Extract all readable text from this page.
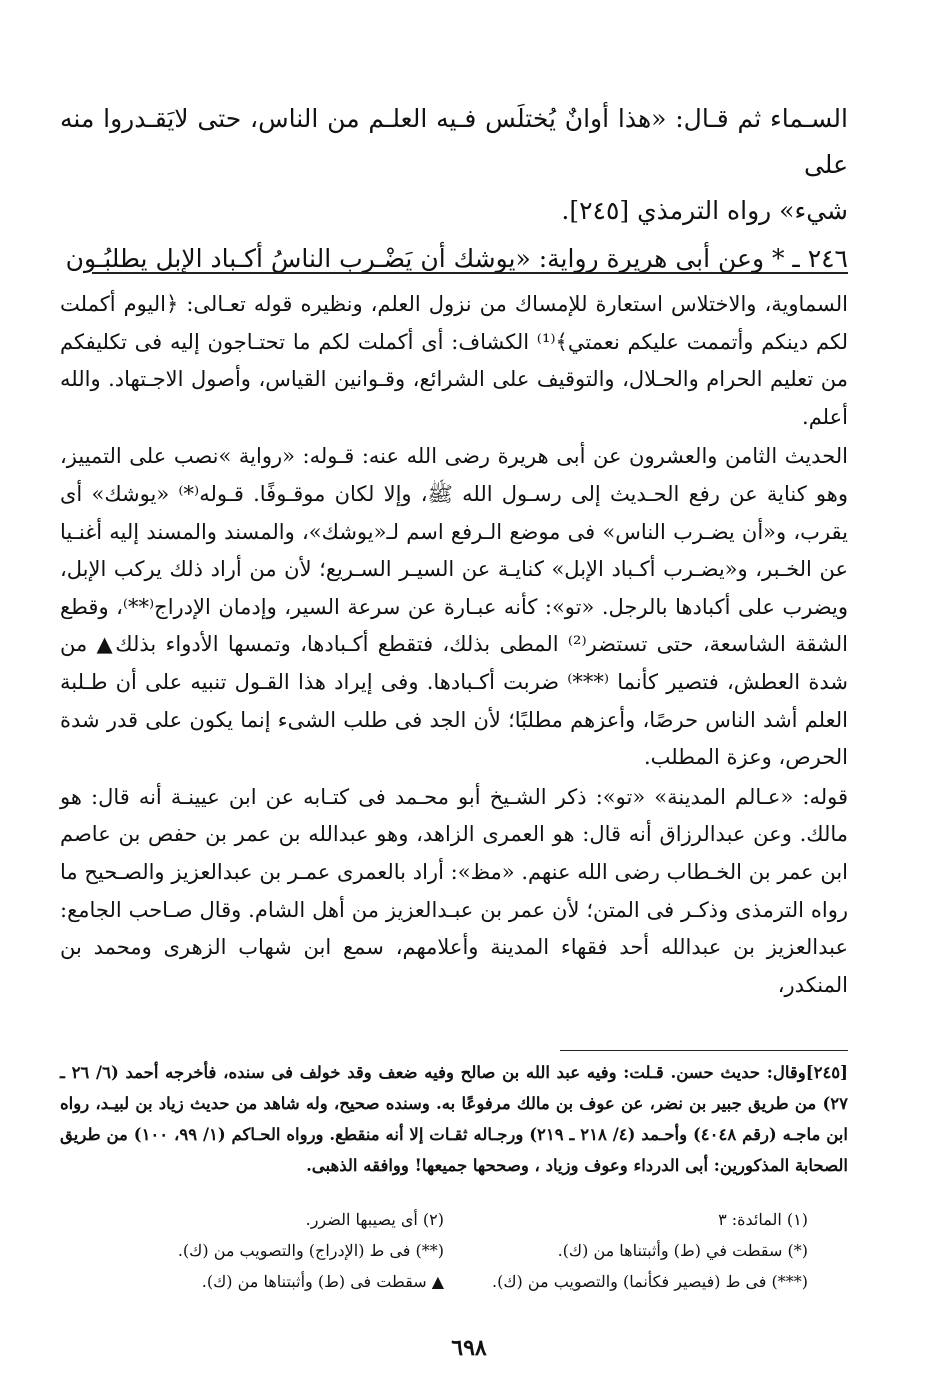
السـماء ثم قـال: «هذا أوانٌ يُختلَس فـيه العلـم من الناس، حتى لايَقـدروا منه على

شيء» رواه الترمذي [٢٤٥].

٢٤٦ ـ * وعن أبى هريرة رواية: «يوشك أن يَضْـرب الناسُ أكـباد الإبل يطلبُـون

السماوية، والاختلاس استعارة للإمساك من نزول العلم، ونظيره قوله تعـالى: ﴿اليوم أكملت لكم دينكم وأتممت عليكم نعمتي﴾⁽¹⁾ الكشاف: أى أكملت لكم ما تحتـاجون إليه فى تكليفكم من تعليم الحرام والحـلال، والتوقيف على الشرائع، وقـوانين القياس، وأصول الاجـتهاد. والله أعلم.

الحديث الثامن والعشرون عن أبى هريرة رضى الله عنه: قـوله: «رواية »نصب على التمييز، وهو كناية عن رفع الحـديث إلى رسـول الله ﷺ، وإلا لكان موقـوفًا. قـوله⁽*⁾ «يوشك» أى يقرب، و«أن يضـرب الناس» فى موضع الـرفع اسم لـ«يوشك»، والمسند والمسند إليه أغنـيا عن الخـبر، و«يضـرب أكـباد الإبل» كنايـة عن السيـر السـريع؛ لأن من أراد ذلك يركب الإبل، ويضرب على أكبادها بالرجل. «تو»: كأنه عبـارة عن سرعة السير، وإدمان الإدراج⁽**⁾، وقطع الشقة الشاسعة، حتى تستضر⁽²⁾ المطى بذلك، فتقطع أكـبادها، وتمسها الأدواء بذلك▲ من شدة العطش، فتصير كأنما ⁽***⁾ ضربت أكـبادها. وفى إيراد هذا القـول تنبيه على أن طـلبة العلم أشد الناس حرصًا، وأعزهم مطلبًا؛ لأن الجد فى طلب الشىء إنما يكون على قدر شدة الحرص، وعزة المطلب.

قوله: «عـالم المدينة» «تو»: ذكر الشـيخ أبو محـمد فى كتـابه عن ابن عيينـة أنه قال: هو مالك. وعن عبدالرزاق أنه قال: هو العمرى الزاهد، وهو عبدالله بن عمر بن حفص بن عاصم ابن عمر بن الخـطاب رضى الله عنهم. «مظ»: أراد بالعمرى عمـر بن عبدالعزيز والصـحيح ما رواه الترمذى وذكـر فى المتن؛ لأن عمر بن عبـدالعزيز من أهل الشام. وقال صـاحب الجامع: عبدالعزيز بن عبدالله أحد فقهاء المدينة وأعلامهم، سمع ابن شهاب الزهرى ومحمد بن المنكدر،

[٢٤٥]وقال: حديث حسن. قـلت: وفيه عبد الله بن صالح وفيه ضعف وقد خولف فى سنده، فأخرجه أحمد (٦/ ٢٦ ـ ٢٧) من طريق جبير بن نضر، عن عوف بن مالك مرفوعًا به. وسنده صحيح، وله شاهد من حديث زياد بن لبيـد، رواه ابن ماجـه (رقم ٤٠٤٨) وأحـمد (٤/ ٢١٨ ـ ٢١٩) ورجـاله ثقـات إلا أنه منقطع. ورواه الحـاكم (١/ ٩٩، ١٠٠) من طريق الصحابة المذكورين: أبى الدرداء وعوف وزياد ، وصححها جميعها! ووافقه الذهبى.

(١) المائدة: ٣
(٢) أى يصيبها الضرر.
(*) سقطت في (ط) وأثبتناها من (ك).
(**) فى ط (الإدراج) والتصويب من (ك).
(***) فى ط (فيصير فكأنما) والتصويب من (ك).
▲ سقطت فى (ط) وأثبتناها من (ك).
٦٩٨
